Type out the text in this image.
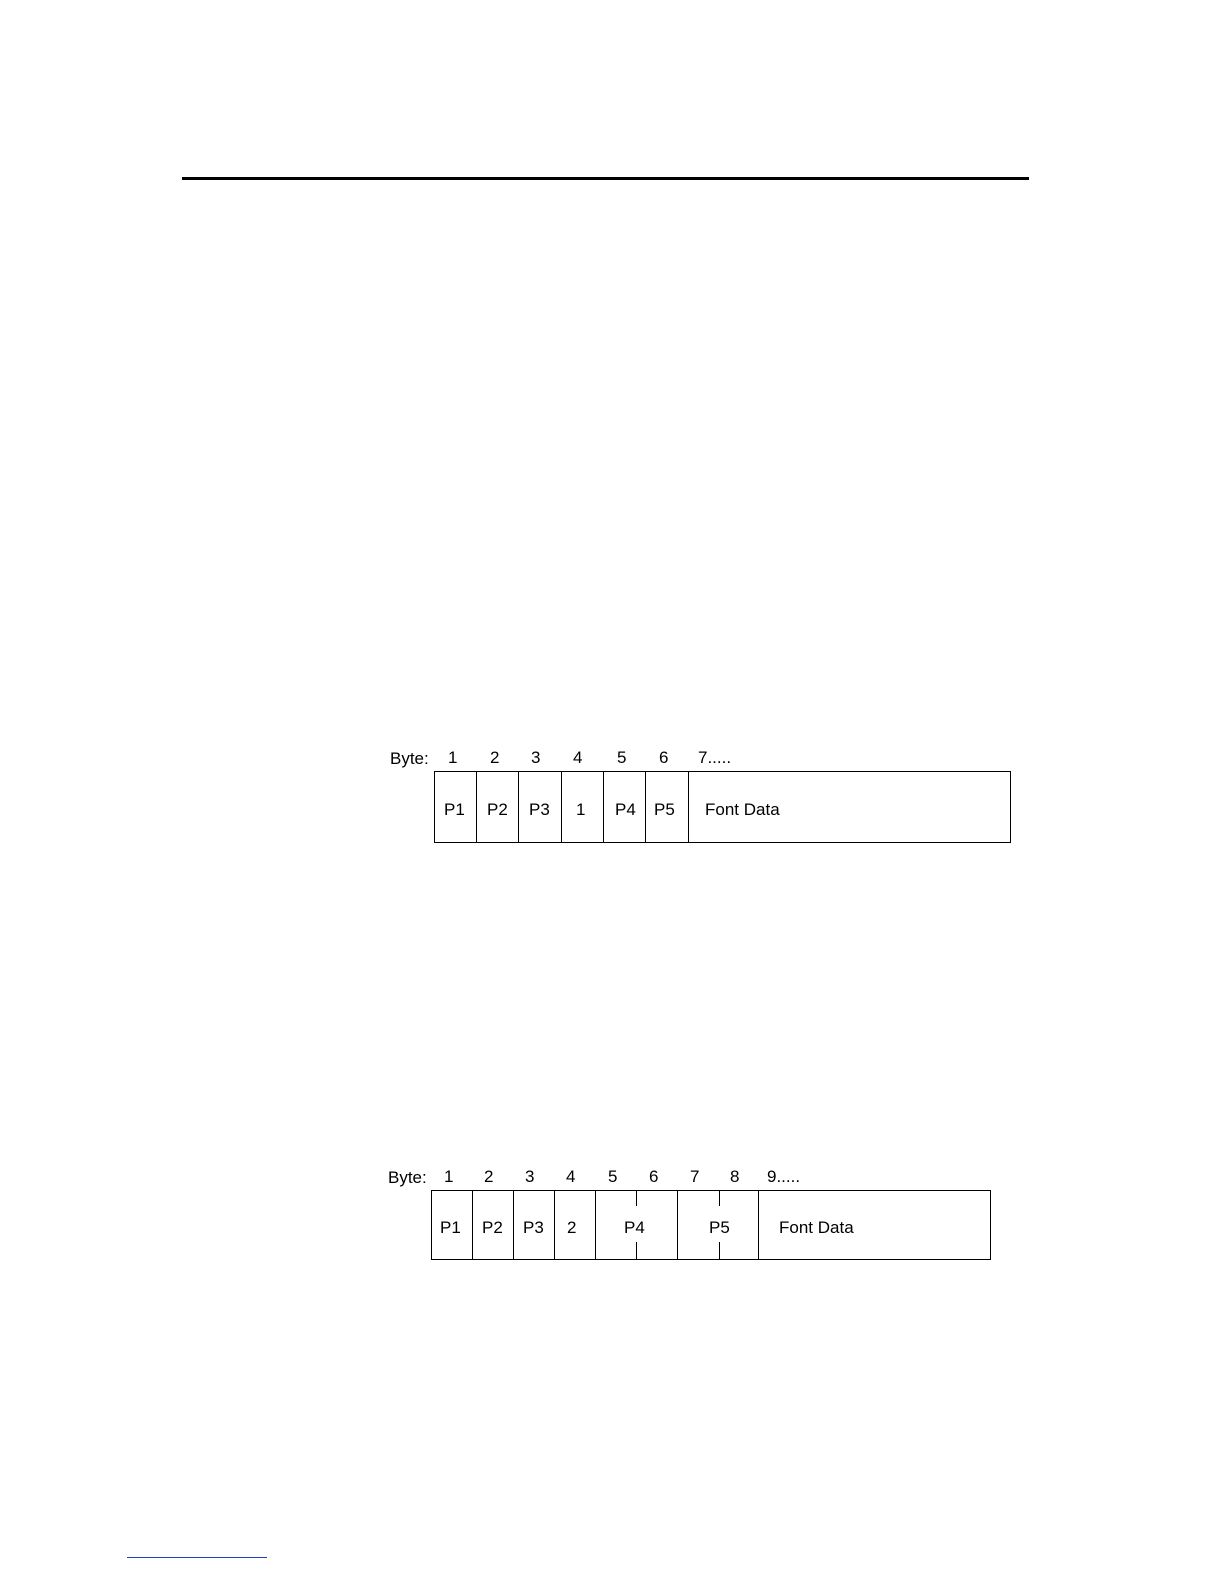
Byte: 1 2 3 4 5 6 7.....
P1 P2 P3 1 P4 P5 Font Data
Byte: 1 2 3 4 5 6 7 8 9.....
P1 P2 P3 2	P4	P5	Font Data
